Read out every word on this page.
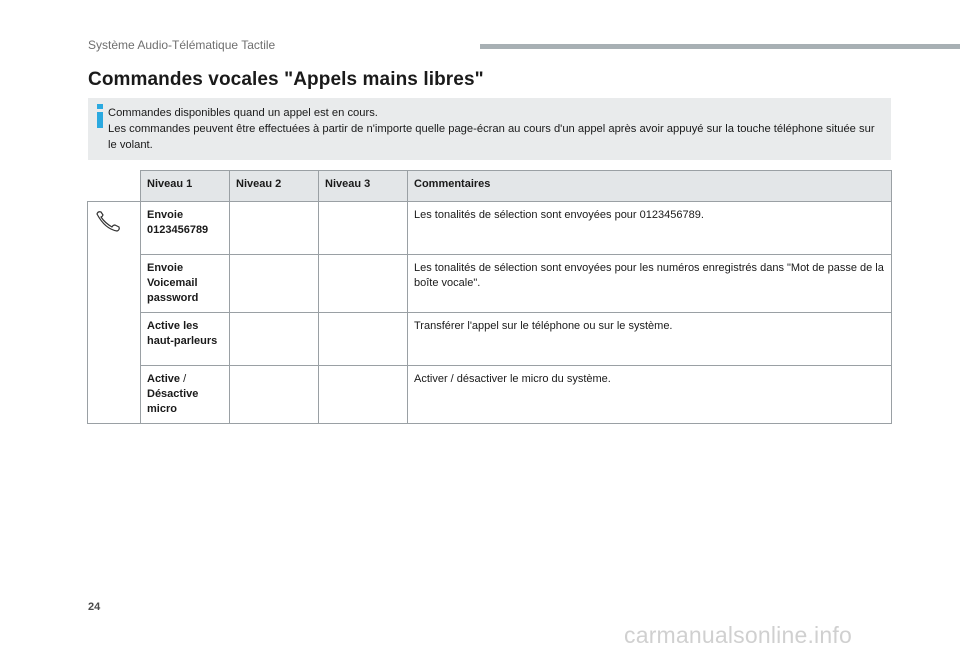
Système Audio-Télématique Tactile
Commandes vocales "Appels mains libres"

Commandes disponibles quand un appel est en cours.

Les commandes peuvent être effectuées à partir de n'importe quelle page-écran au cours d'un appel après avoir appuyé sur la touche téléphone située sur le volant.

	Niveau 1	Niveau 2	Niveau 3	Commentaires
	Envoie 0123456789			Les tonalités de sélection sont envoyées pour 0123456789.
	Envoie Voicemail password			Les tonalités de sélection sont envoyées pour les numéros enregistrés dans "Mot de passe de la boîte vocale".
	Active les haut-parleurs			Transférer l'appel sur le téléphone ou sur le système.
	Active / Désactive micro			Activer / désactiver le micro du système.
24
carmanualsonline.info
